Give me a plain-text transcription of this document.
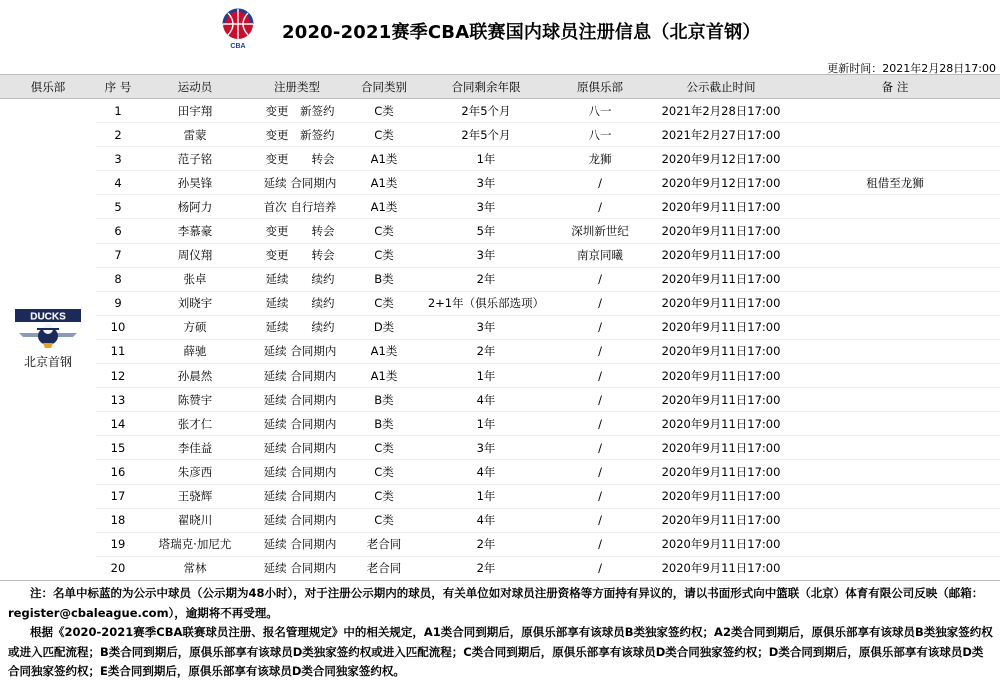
CBA
2020-2021赛季CBA联赛国内球员注册信息（北京首钢）
更新时间：2021年2月28日17:00
俱乐部	序 号	运动员	注册类型	合同类别	合同剩余年限	原俱乐部	公示截止时间	备 注

DUCKS
北京首钢	1	田宇翔	变更　新签约	C类	2年5个月	八一	2021年2月28日17:00	
	2	雷蒙	变更　新签约	C类	2年5个月	八一	2021年2月27日17:00	
	3	范子铭	变更　　转会	A1类	1年	龙狮	2020年9月12日17:00	
	4	孙昊锋	延续 合同期内	A1类	3年	/	2020年9月12日17:00	租借至龙狮
	5	杨阿力	首次 自行培养	A1类	3年	/	2020年9月11日17:00	
	6	李慕豪	变更　　转会	C类	5年	深圳新世纪	2020年9月11日17:00	
	7	周仪翔	变更　　转会	C类	3年	南京同曦	2020年9月11日17:00	
	8	张卓	延续　　续约	B类	2年	/	2020年9月11日17:00	
	9	刘晓宇	延续　　续约	C类	2+1年（俱乐部选项）	/	2020年9月11日17:00	
	10	方硕	延续　　续约	D类	3年	/	2020年9月11日17:00	
	11	薛驰	延续 合同期内	A1类	2年	/	2020年9月11日17:00	
	12	孙晨然	延续 合同期内	A1类	1年	/	2020年9月11日17:00	
	13	陈赞宇	延续 合同期内	B类	4年	/	2020年9月11日17:00	
	14	张才仁	延续 合同期内	B类	1年	/	2020年9月11日17:00	
	15	李佳益	延续 合同期内	C类	3年	/	2020年9月11日17:00	
	16	朱彦西	延续 合同期内	C类	4年	/	2020年9月11日17:00	
	17	王骁辉	延续 合同期内	C类	1年	/	2020年9月11日17:00	
	18	翟晓川	延续 合同期内	C类	4年	/	2020年9月11日17:00	
	19	塔瑞克·加尼尤	延续 合同期内	老合同	2年	/	2020年9月11日17:00	
	20	常林	延续 合同期内	老合同	2年	/	2020年9月11日17:00	

注：名单中标蓝的为公示中球员（公示期为48小时），对于注册公示期内的球员，有关单位如对球员注册资格等方面持有异议的，请以书面形式向中篮联（北京）体育有限公司反映（邮箱：register@cbaleague.com），逾期将不再受理。

根据《2020-2021赛季CBA联赛球员注册、报名管理规定》中的相关规定，A1类合同到期后，原俱乐部享有该球员B类独家签约权；A2类合同到期后，原俱乐部享有该球员B类独家签约权或进入匹配流程；B类合同到期后，原俱乐部享有该球员D类独家签约权或进入匹配流程；C类合同到期后，原俱乐部享有该球员D类合同独家签约权；D类合同到期后，原俱乐部享有该球员D类合同独家签约权；E类合同到期后，原俱乐部享有该球员D类合同独家签约权。
